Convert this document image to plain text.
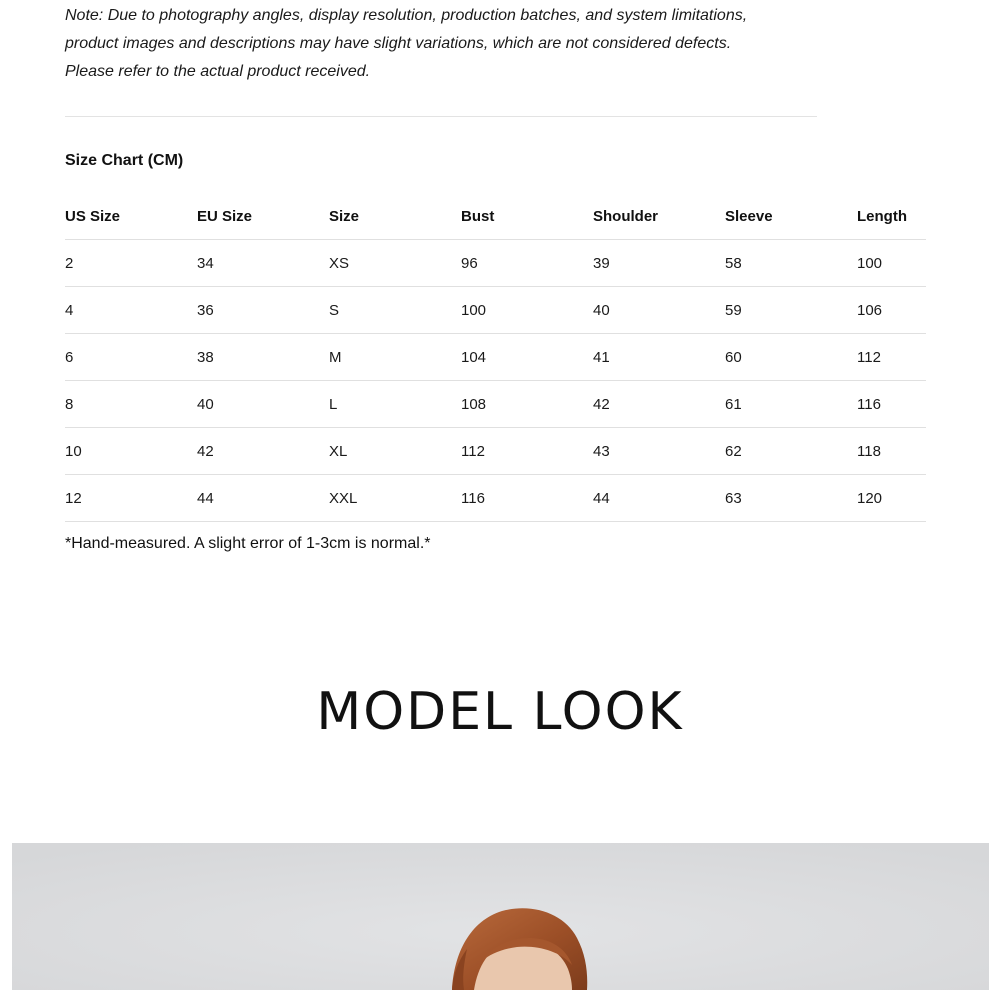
Note: Due to photography angles, display resolution, production batches, and system limitations,
product images and descriptions may have slight variations, which are not considered defects.
Please refer to the actual product received.
Size Chart (CM)
US Size	EU Size	Size	Bust	Shoulder	Sleeve	Length
2	34	XS	96	39	58	100
4	36	S	100	40	59	106
6	38	M	104	41	60	112
8	40	L	108	42	61	116
10	42	XL	112	43	62	118
12	44	XXL	116	44	63	120
*Hand-measured. A slight error of 1-3cm is normal.*
MODEL LOOK
